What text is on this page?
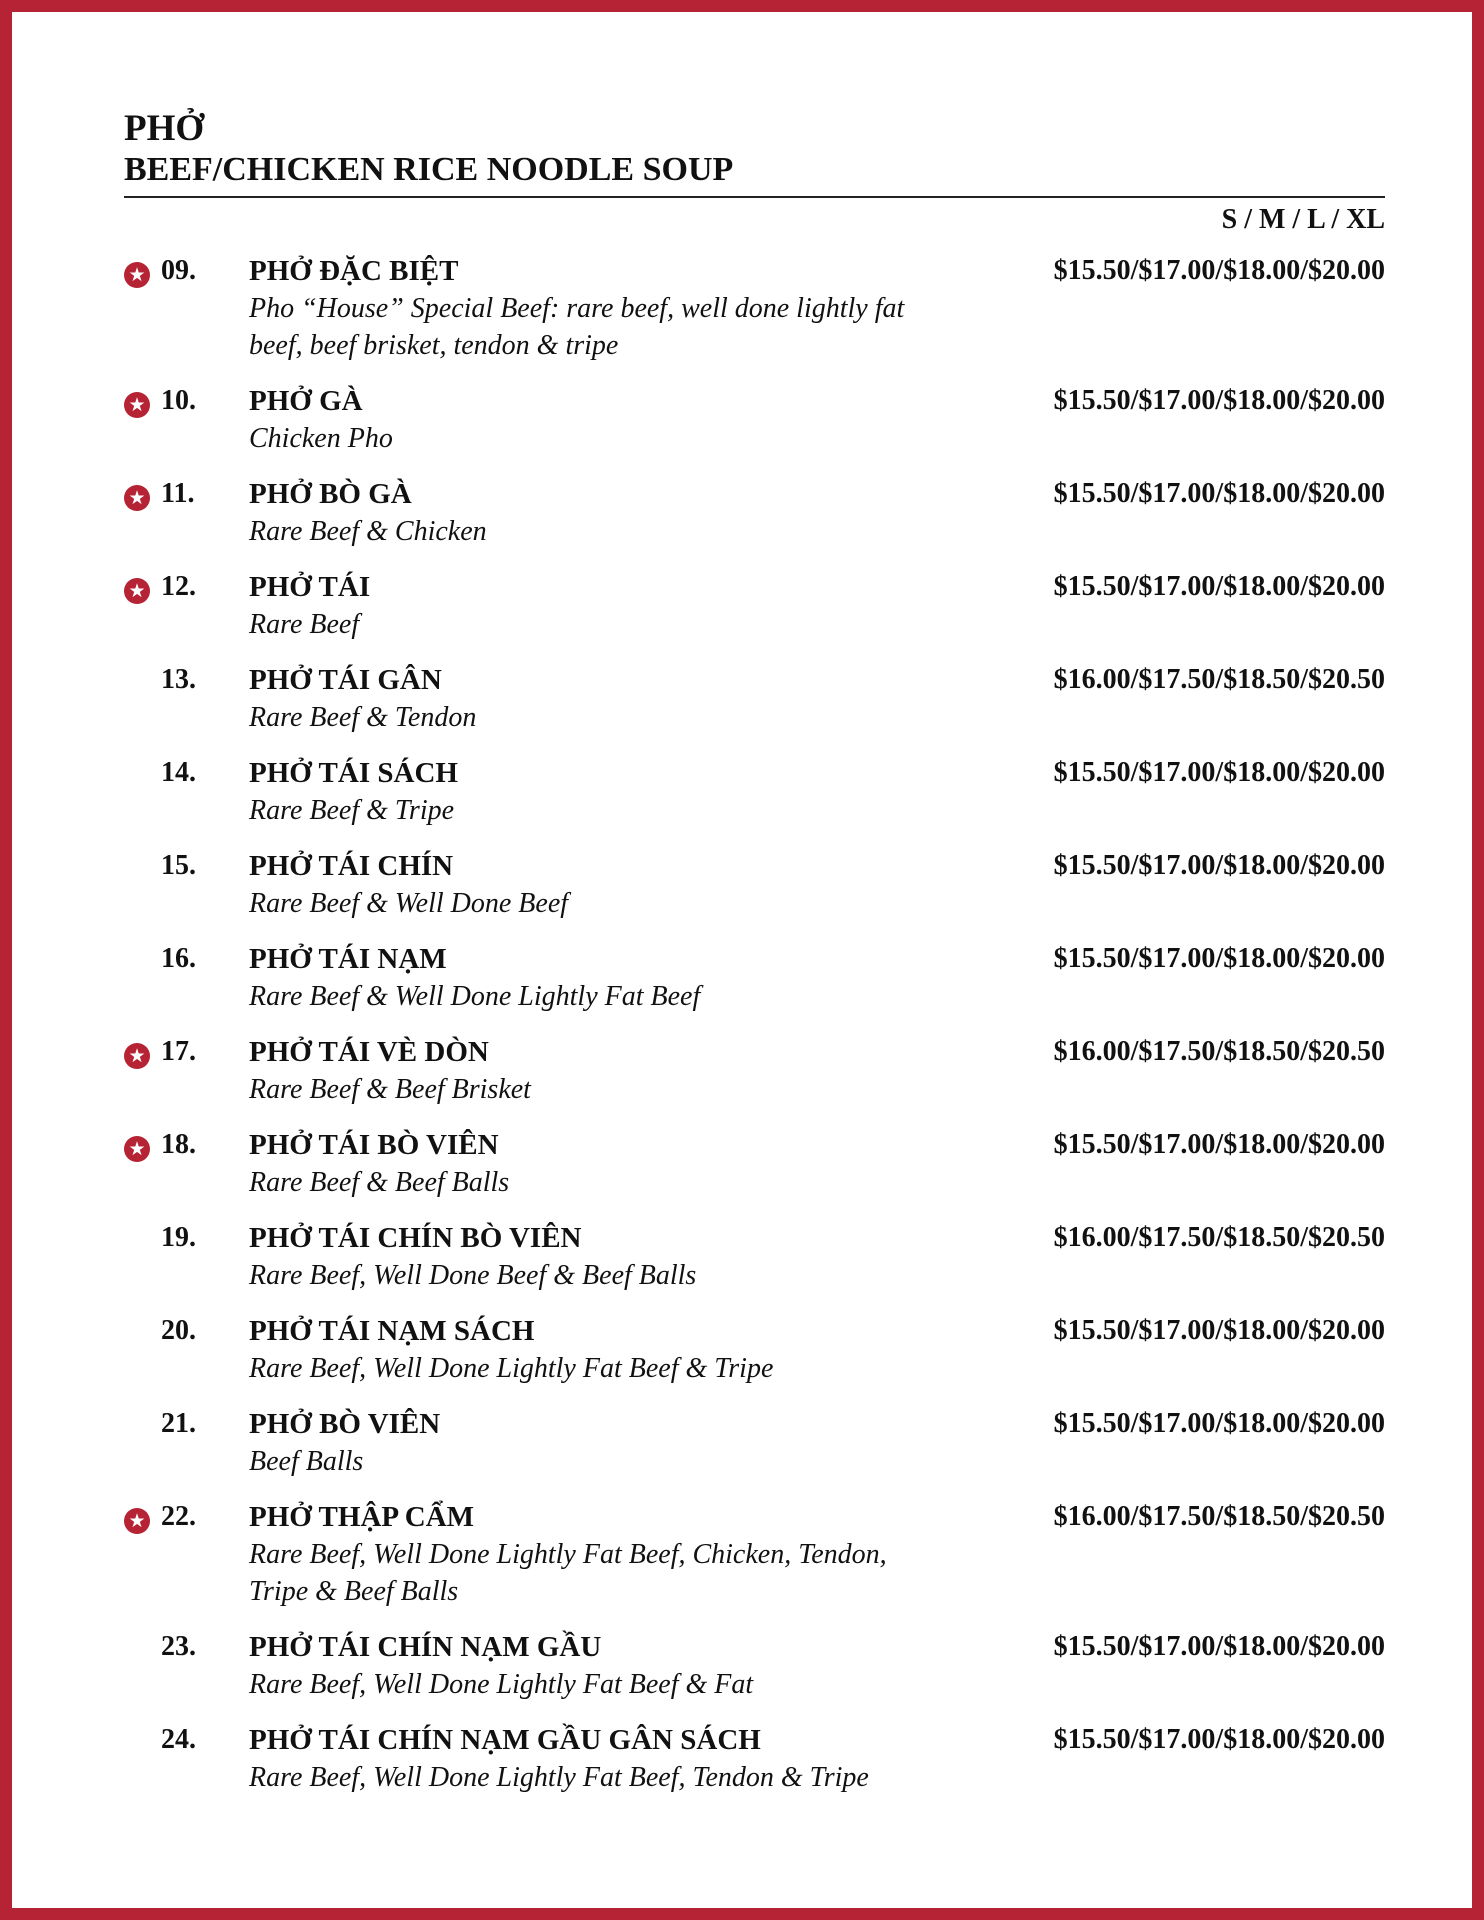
PHỞ
BEEF/CHICKEN RICE NOODLE SOUP
S / M / L / XL
★ 09. PHỞ ĐẶC BIỆT	$15.50/$17.00/$18.00/$20.00
Pho “House” Special Beef: rare beef, well done lightly fat beef, beef brisket, tendon & tripe
★ 10. PHỞ GÀ	$15.50/$17.00/$18.00/$20.00
Chicken Pho
★ 11. PHỞ BÒ GÀ	$15.50/$17.00/$18.00/$20.00
Rare Beef & Chicken
★ 12. PHỞ TÁI	$15.50/$17.00/$18.00/$20.00
Rare Beef
13. PHỞ TÁI GÂN	$16.00/$17.50/$18.50/$20.50
Rare Beef & Tendon
14. PHỞ TÁI SÁCH	$15.50/$17.00/$18.00/$20.00
Rare Beef & Tripe
15. PHỞ TÁI CHÍN	$15.50/$17.00/$18.00/$20.00
Rare Beef & Well Done Beef
16. PHỞ TÁI NẠM	$15.50/$17.00/$18.00/$20.00
Rare Beef & Well Done Lightly Fat Beef
★ 17. PHỞ TÁI VÈ DÒN	$16.00/$17.50/$18.50/$20.50
Rare Beef & Beef Brisket
★ 18. PHỞ TÁI BÒ VIÊN	$15.50/$17.00/$18.00/$20.00
Rare Beef & Beef Balls
19. PHỞ TÁI CHÍN BÒ VIÊN	$16.00/$17.50/$18.50/$20.50
Rare Beef, Well Done Beef & Beef Balls
20. PHỞ TÁI NẠM SÁCH	$15.50/$17.00/$18.00/$20.00
Rare Beef, Well Done Lightly Fat Beef & Tripe
21. PHỞ BÒ VIÊN	$15.50/$17.00/$18.00/$20.00
Beef Balls
★ 22. PHỞ THẬP CẨM	$16.00/$17.50/$18.50/$20.50
Rare Beef, Well Done Lightly Fat Beef, Chicken, Tendon, Tripe & Beef Balls
23. PHỞ TÁI CHÍN NẠM GẦU	$15.50/$17.00/$18.00/$20.00
Rare Beef, Well Done Lightly Fat Beef & Fat
24. PHỞ TÁI CHÍN NẠM GẦU GÂN SÁCH	$15.50/$17.00/$18.00/$20.00
Rare Beef, Well Done Lightly Fat Beef, Tendon & Tripe
